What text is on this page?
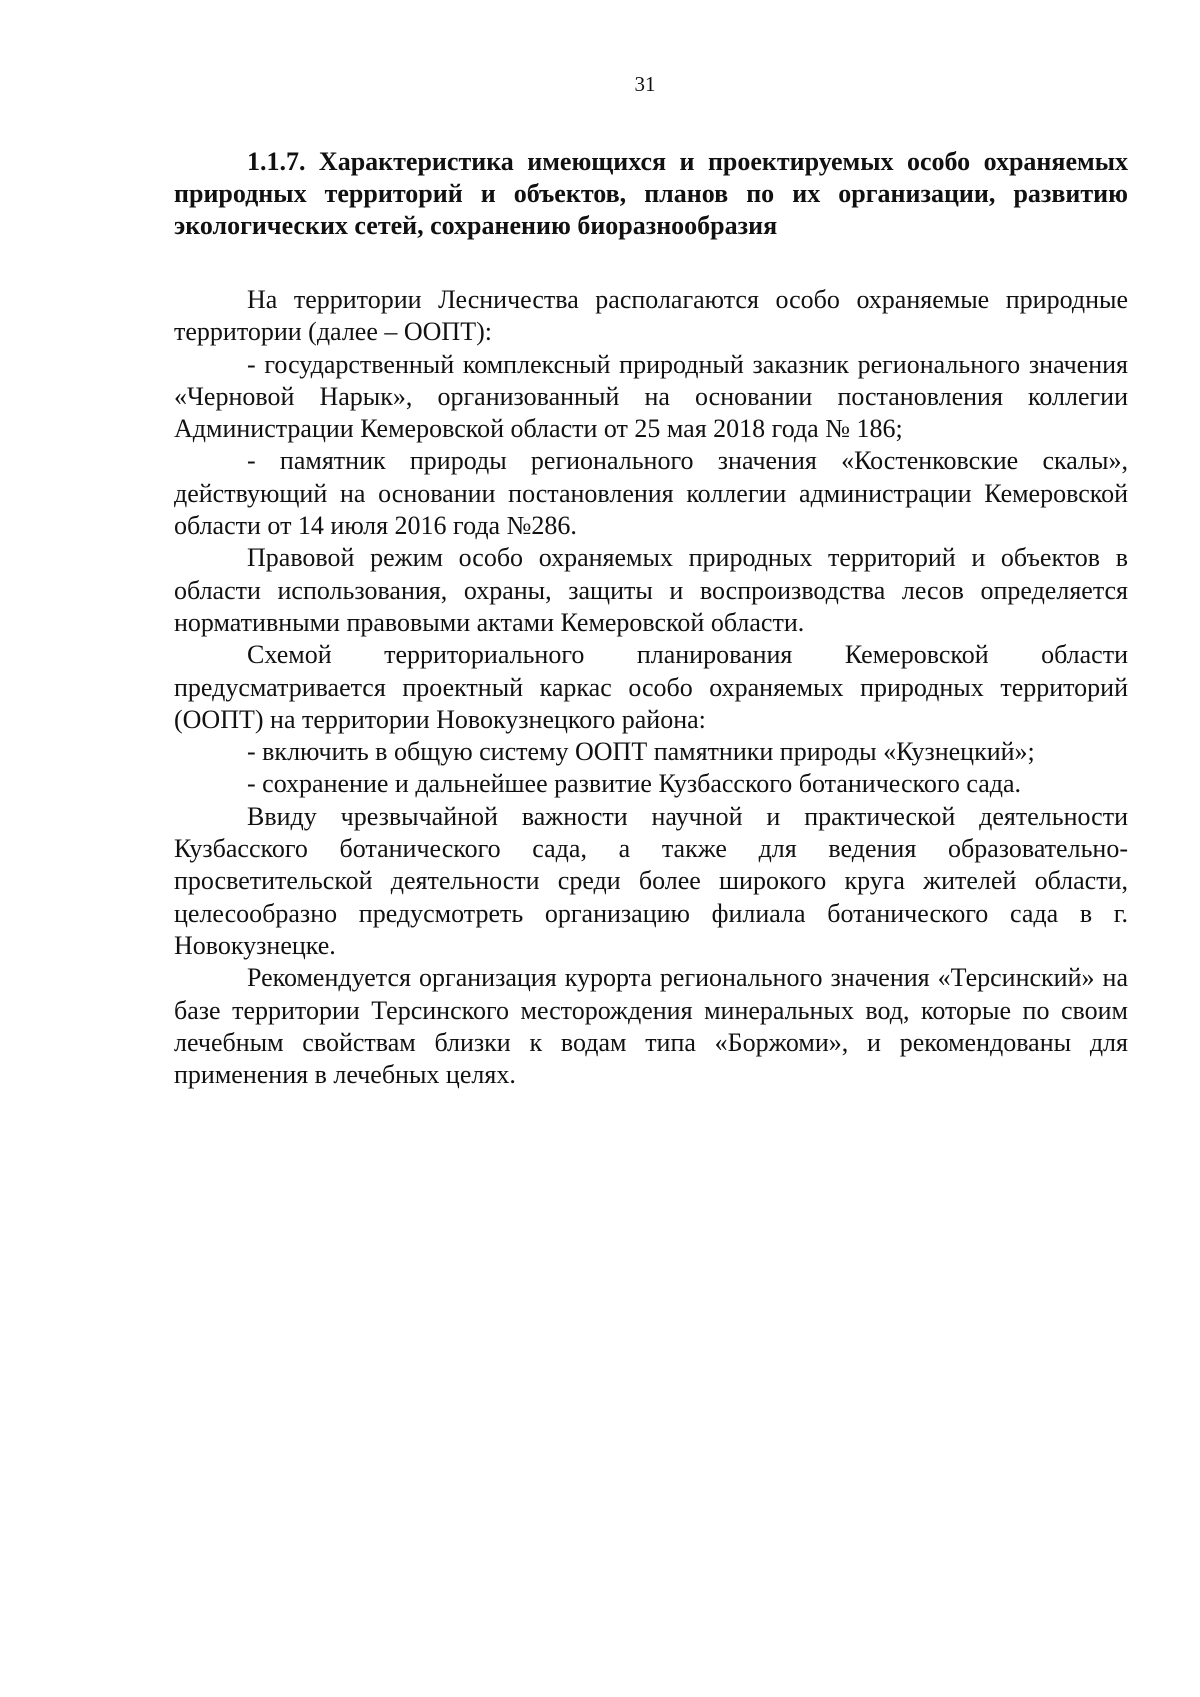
31

1.1.7. Характеристика имеющихся и проектируемых особо охраняемых природных территорий и объектов, планов по их организации, развитию экологических сетей, сохранению биоразнообразия

На территории Лесничества располагаются особо охраняемые природные территории (далее – ООПТ):

- государственный комплексный природный заказник регионального значения «Черновой Нарык», организованный на основании постановления коллегии Администрации Кемеровской области от 25 мая 2018 года № 186;

- памятник природы регионального значения «Костенковские скалы», действующий на основании постановления коллегии администрации Кемеровской области от 14 июля 2016 года №286.

Правовой режим особо охраняемых природных территорий и объектов в области использования, охраны, защиты и воспроизводства лесов определяется нормативными правовыми актами Кемеровской области.

Схемой территориального планирования Кемеровской области предусматривается проектный каркас особо охраняемых природных территорий (ООПТ) на территории Новокузнецкого района:

- включить в общую систему ООПТ памятники природы «Кузнецкий»;

- сохранение и дальнейшее развитие Кузбасского ботанического сада.

Ввиду чрезвычайной важности научной и практической деятельности Кузбасского ботанического сада, а также для ведения образовательно-просветительской деятельности среди более широкого круга жителей области, целесообразно предусмотреть организацию филиала ботанического сада в г. Новокузнецке.

Рекомендуется организация курорта регионального значения «Терсинский» на базе территории Терсинского месторождения минеральных вод, которые по своим лечебным свойствам близки к водам типа «Боржоми», и рекомендованы для применения в лечебных целях.
